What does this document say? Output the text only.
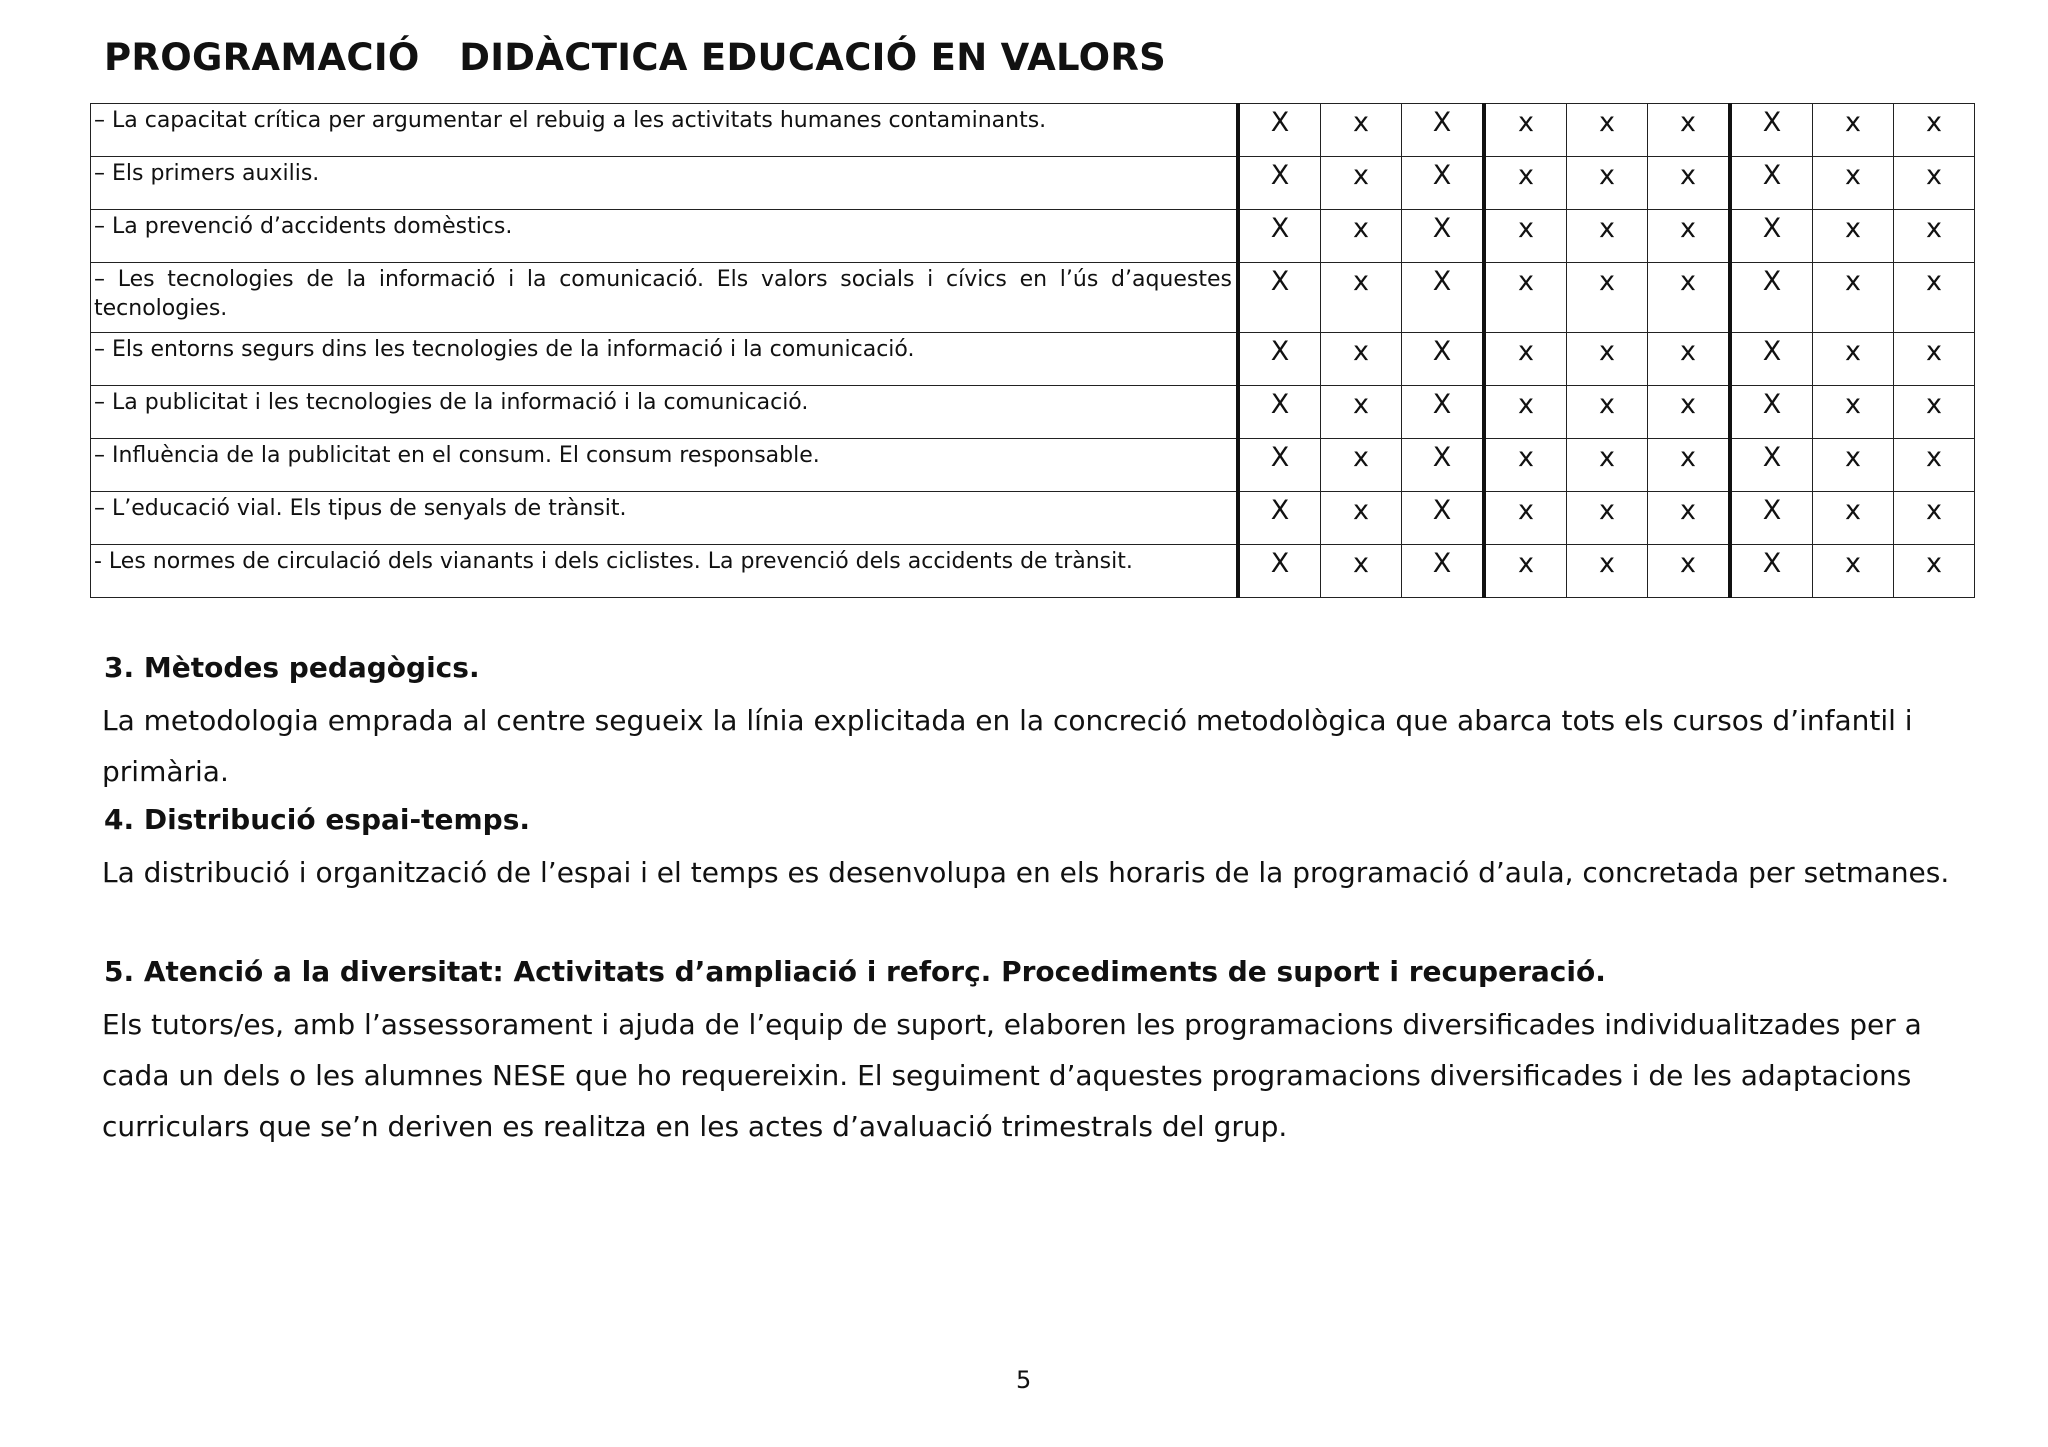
PROGRAMACIÓ   DIDÀCTICA EDUCACIÓ EN VALORS
– La capacitat crítica per argumentar el rebuig a les activitats humanes contaminants.	X	x	X	x	x	x	X	x	x

– Els primers auxilis.	X	x	X	x	x	x	X	x	x

– La prevenció d’accidents domèstics.	X	x	X	x	x	x	X	x	x

– Les tecnologies de la informació i la comunicació. Els valors socials i cívics en l’ús d’aquestes tecnologies.	X	x	X	x	x	x	X	x	x

– Els entorns segurs dins les tecnologies de la informació i la comunicació.	X	x	X	x	x	x	X	x	x

– La publicitat i les tecnologies de la informació i la comunicació.	X	x	X	x	x	x	X	x	x

– Influència de la publicitat en el consum. El consum responsable.	X	x	X	x	x	x	X	x	x

– L’educació vial. Els tipus de senyals de trànsit.	X	x	X	x	x	x	X	x	x

- Les normes de circulació dels vianants i dels ciclistes. La prevenció dels accidents de trànsit.	X	x	X	x	x	x	X	x	x
3. Mètodes pedagògics.
La metodologia emprada al centre segueix la línia explicitada en la concreció metodològica que abarca tots els cursos d’infantil i primària.
4. Distribució espai-temps.
La distribució i organització de l’espai i el temps es desenvolupa en els horaris de la programació d’aula, concretada per setmanes.
5. Atenció a la diversitat: Activitats d’ampliació i reforç. Procediments de suport i recuperació.
Els tutors/es, amb l’assessorament i ajuda de l’equip de suport, elaboren les programacions diversificades individualitzades per a cada un dels o les alumnes NESE que ho requereixin. El seguiment d’aquestes programacions diversificades i de les adaptacions curriculars que se’n deriven es realitza en les actes d’avaluació trimestrals del grup.
5
